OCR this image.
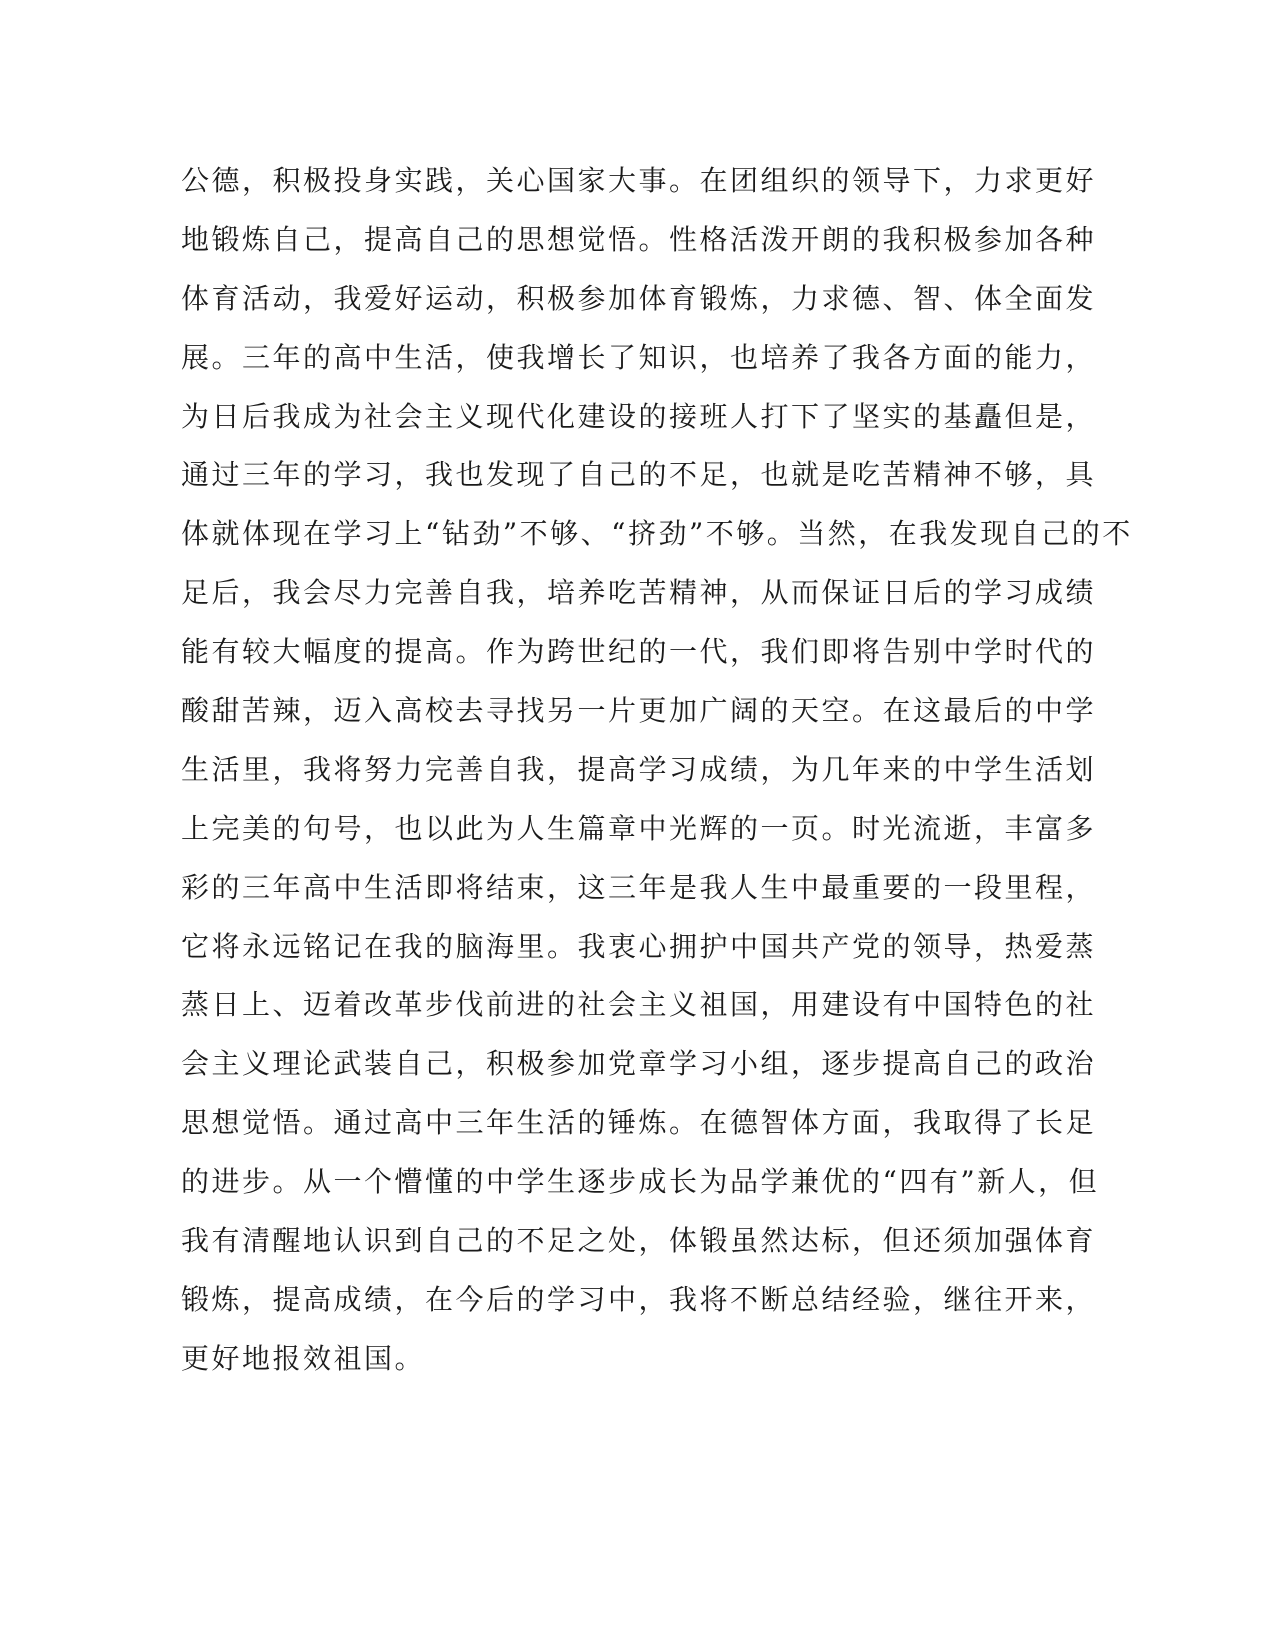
公德，积极投身实践，关心国家大事。在团组织的领导下，力求更好
地锻炼自己，提高自己的思想觉悟。性格活泼开朗的我积极参加各种
体育活动，我爱好运动，积极参加体育锻炼，力求德、智、体全面发
展。三年的高中生活，使我增长了知识，也培养了我各方面的能力，
为日后我成为社会主义现代化建设的接班人打下了坚实的基矗但是，
通过三年的学习，我也发现了自己的不足，也就是吃苦精神不够，具
体就体现在学习上“钻劲”不够、“挤劲”不够。当然，在我发现自己的不
足后，我会尽力完善自我，培养吃苦精神，从而保证日后的学习成绩
能有较大幅度的提高。作为跨世纪的一代，我们即将告别中学时代的
酸甜苦辣，迈入高校去寻找另一片更加广阔的天空。在这最后的中学
生活里，我将努力完善自我，提高学习成绩，为几年来的中学生活划
上完美的句号，也以此为人生篇章中光辉的一页。时光流逝，丰富多
彩的三年高中生活即将结束，这三年是我人生中最重要的一段里程，
它将永远铭记在我的脑海里。我衷心拥护中国共产党的领导，热爱蒸
蒸日上、迈着改革步伐前进的社会主义祖国，用建设有中国特色的社
会主义理论武装自己，积极参加党章学习小组，逐步提高自己的政治
思想觉悟。通过高中三年生活的锤炼。在德智体方面，我取得了长足
的进步。从一个懵懂的中学生逐步成长为品学兼优的“四有”新人，但
我有清醒地认识到自己的不足之处，体锻虽然达标，但还须加强体育
锻炼，提高成绩，在今后的学习中，我将不断总结经验，继往开来，
更好地报效祖国。
